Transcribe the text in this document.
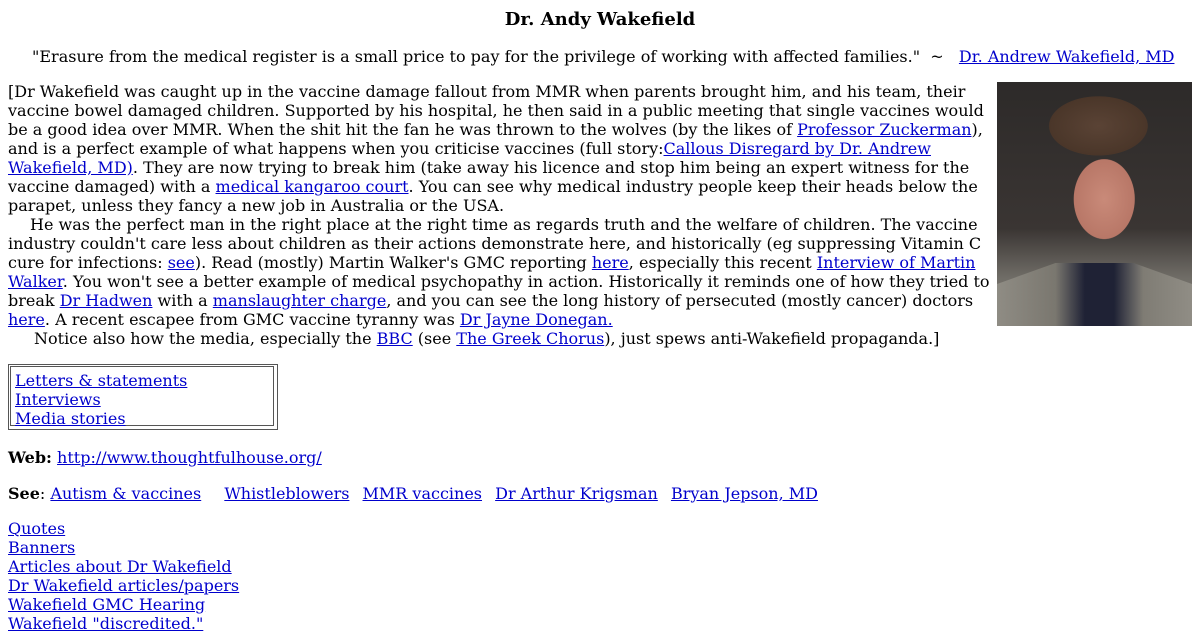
Dr. Andy Wakefield
"Erasure from the medical register is a small price to pay for the privilege of working with affected families." ~ Dr. Andrew Wakefield, MD

[Dr Wakefield was caught up in the vaccine damage fallout from MMR when parents brought him, and his team, their vaccine bowel damaged children. Supported by his hospital, he then said in a public meeting that single vaccines would be a good idea over MMR. When the shit hit the fan he was thrown to the wolves (by the likes of Professor Zuckerman), and is a perfect example of what happens when you criticise vaccines (full story:Callous Disregard by Dr. Andrew Wakefield, MD). They are now trying to break him (take away his licence and stop him being an expert witness for the vaccine damaged) with a medical kangaroo court. You can see why medical industry people keep their heads below the parapet, unless they fancy a new job in Australia or the USA.

He was the perfect man in the right place at the right time as regards truth and the welfare of children. The vaccine industry couldn't care less about children as their actions demonstrate here, and historically (eg suppressing Vitamin C cure for infections: see). Read (mostly) Martin Walker's GMC reporting here, especially this recent Interview of Martin Walker. You won't see a better example of medical psychopathy in action. Historically it reminds one of how they tried to break Dr Hadwen with a manslaughter charge, and you can see the long history of persecuted (mostly cancer) doctors here. A recent escapee from GMC vaccine tyranny was Dr Jayne Donegan.

Notice also how the media, especially the BBC (see The Greek Chorus), just spews anti-Wakefield propaganda.]

Letters & statements
Interviews
Media stories
Web: http://www.thoughtfulhouse.org/
See: Autism & vaccines Whistleblowers MMR vaccines Dr Arthur Krigsman Bryan Jepson, MD
Quotes
Banners
Articles about Dr Wakefield
Dr Wakefield articles/papers
Wakefield GMC Hearing
Wakefield "discredited."
